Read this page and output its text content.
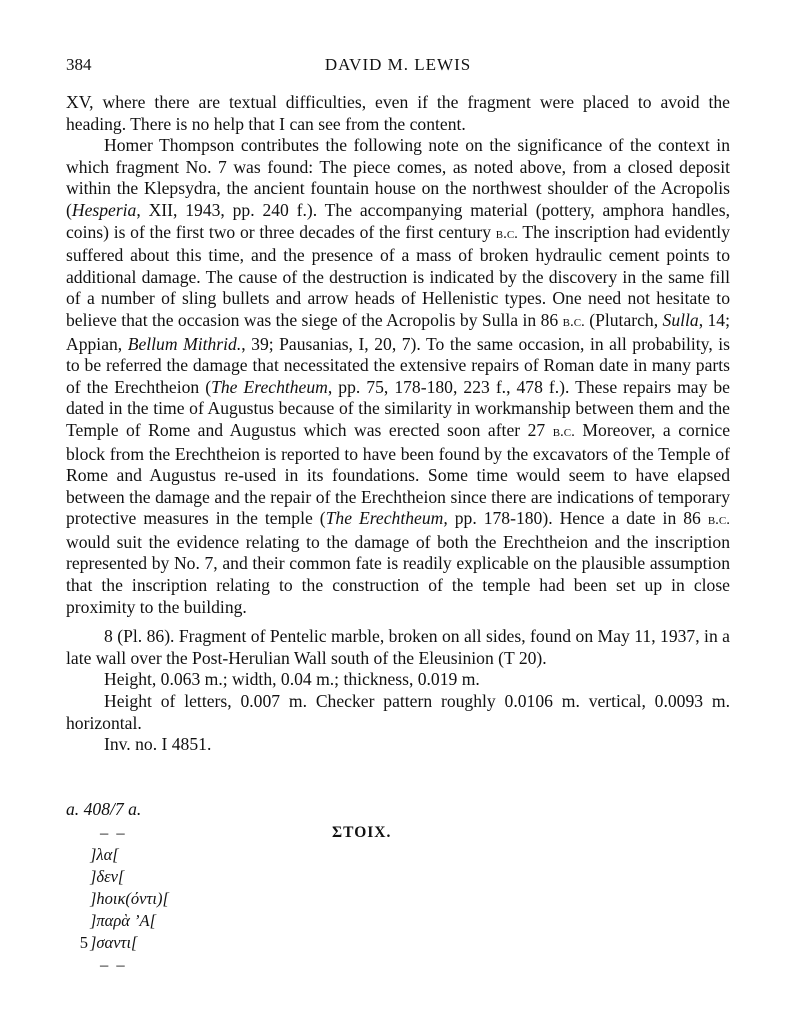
384	DAVID M. LEWIS

XV, where there are textual difficulties, even if the fragment were placed to avoid the heading. There is no help that I can see from the content.

Homer Thompson contributes the following note on the significance of the context in which fragment No. 7 was found: The piece comes, as noted above, from a closed deposit within the Klepsydra, the ancient fountain house on the northwest shoulder of the Acropolis (Hesperia, XII, 1943, pp. 240 f.). The accompanying material (pottery, amphora handles, coins) is of the first two or three decades of the first century b.c. The inscription had evidently suffered about this time, and the presence of a mass of broken hydraulic cement points to additional damage. The cause of the destruction is indicated by the discovery in the same fill of a number of sling bullets and arrow heads of Hellenistic types. One need not hesitate to believe that the occasion was the siege of the Acropolis by Sulla in 86 b.c. (Plutarch, Sulla, 14; Appian, Bellum Mithrid., 39; Pausanias, I, 20, 7). To the same occasion, in all probability, is to be referred the damage that necessitated the extensive repairs of Roman date in many parts of the Erechtheion (The Erechtheum, pp. 75, 178-180, 223 f., 478 f.). These repairs may be dated in the time of Augustus because of the similarity in workmanship between them and the Temple of Rome and Augustus which was erected soon after 27 b.c. Moreover, a cornice block from the Erechtheion is reported to have been found by the excavators of the Temple of Rome and Augustus re-used in its foundations. Some time would seem to have elapsed between the damage and the repair of the Erechtheion since there are indications of temporary protective measures in the temple (The Erechtheum, pp. 178-180). Hence a date in 86 b.c. would suit the evidence relating to the damage of both the Erechtheion and the inscription represented by No. 7, and their common fate is readily explicable on the plausible assumption that the inscription relating to the construction of the temple had been set up in close proximity to the building.

8 (Pl. 86). Fragment of Pentelic marble, broken on all sides, found on May 11, 1937, in a late wall over the Post-Herulian Wall south of the Eleusinion (T 20).

Height, 0.063 m.; width, 0.04 m.; thickness, 0.019 m.

Height of letters, 0.007 m. Checker pattern roughly 0.0106 m. vertical, 0.0093 m. horizontal.

Inv. no. I 4851.

a. 408/7 a.
– –	ΣΤΟΙΧ.
]λα[
]δεν[
]hοικ(όντι)[
]παρὰ ’Α[
5 ]σαντι[
– –
